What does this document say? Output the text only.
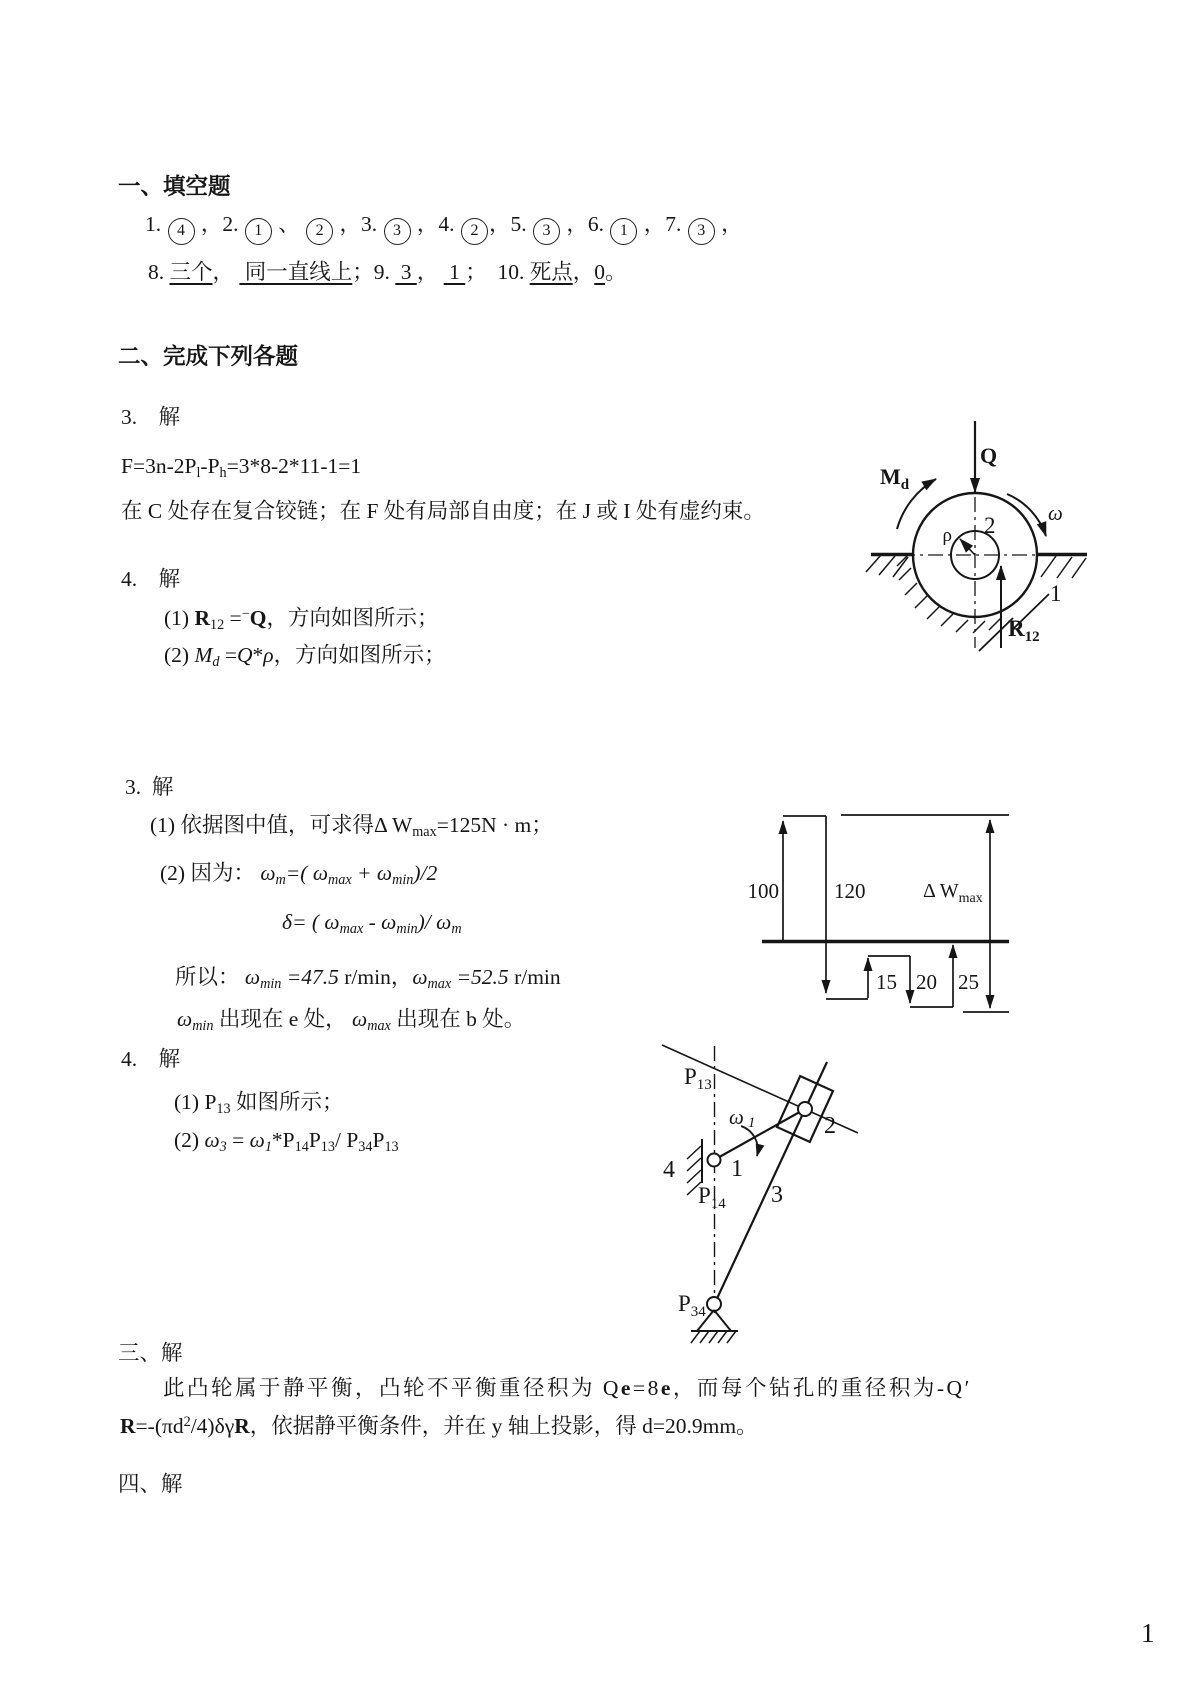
一、填空题
1. 4 ，2. 1 、 2 ，3. 3 ，4. 2 ，5. 3 ，6. 1 ，7. 3 ，
8. 三个，  同一直线上；9.  3 ，  1 ；  10. 死点，0。
二、完成下列各题
3.    解
$F=3n-2P_l-P_h=3*8-2*11-1=1$
在 C 处存在复合铰链；在 F 处有局部自由度；在 J 或 I 处有虚约束。
4.    解
(1) $R_{12} =^-Q$，方向如图所示；
(2) $M_d =Q*\rho$，方向如图所示；
3.  解
(1) 依据图中值，可求得Δ $W_{max}=125N \cdot m$；
(2) 因为： $\omega_m=$( $\omega_{max} + \omega_{min})/2$
δ= ( $\omega_{max} - \omega_{min})/$ $\omega_m$
所以： $\omega_{min} =47.5$ r/min，$\omega_{max} =52.5$ r/min
$\omega_{min}$ 出现在 e 处， $\omega_{max}$ 出现在 b 处。
4.    解
(1) $P_{13}$ 如图所示；
(2) $\omega_3 = \omega_1*P_{14}P_{13}/$ $P_{34}P_{13}$
三、解
此凸轮属于静平衡，凸轮不平衡重径积为 Qe=8e，而每个钻孔的重径积为-Q′
$R=-(\pi d^2/4)\delta\gamma R$，依据静平衡条件，并在 y 轴上投影，得 d=20.9mm。
四、解
1
ρ
Q
$M_d$
ω
$R_{12}$
1
2
100	120
15 20 25
Δ $W_{max}$
ω 1
$P_{13}$
$P_{14}$
$P_{34}$
1
2
3
4
